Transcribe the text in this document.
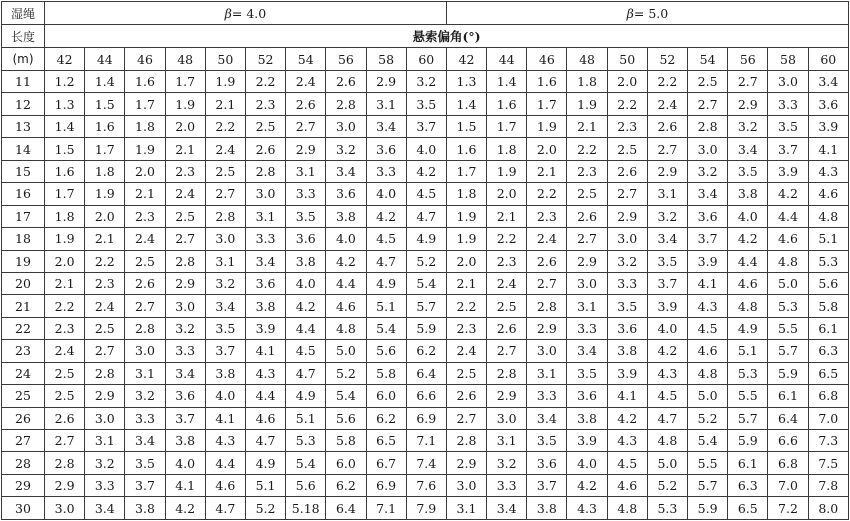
湿绳	β= 4.0										β= 5.0									
长度	悬索偏角(°)																			
(m)	42	44	46	48	50	52	54	56	58	60	42	44	46	48	50	52	54	56	58	60
11	1.2	1.4	1.6	1.7	1.9	2.2	2.4	2.6	2.9	3.2	1.3	1.4	1.6	1.8	2.0	2.2	2.5	2.7	3.0	3.4
12	1.3	1.5	1.7	1.9	2.1	2.3	2.6	2.8	3.1	3.5	1.4	1.6	1.7	1.9	2.2	2.4	2.7	2.9	3.3	3.6
13	1.4	1.6	1.8	2.0	2.2	2.5	2.7	3.0	3.4	3.7	1.5	1.7	1.9	2.1	2.3	2.6	2.8	3.2	3.5	3.9
14	1.5	1.7	1.9	2.1	2.4	2.6	2.9	3.2	3.6	4.0	1.6	1.8	2.0	2.2	2.5	2.7	3.0	3.4	3.7	4.1
15	1.6	1.8	2.0	2.3	2.5	2.8	3.1	3.4	3.3	4.2	1.7	1.9	2.1	2.3	2.6	2.9	3.2	3.5	3.9	4.3
16	1.7	1.9	2.1	2.4	2.7	3.0	3.3	3.6	4.0	4.5	1.8	2.0	2.2	2.5	2.7	3.1	3.4	3.8	4.2	4.6
17	1.8	2.0	2.3	2.5	2.8	3.1	3.5	3.8	4.2	4.7	1.9	2.1	2.3	2.6	2.9	3.2	3.6	4.0	4.4	4.8
18	1.9	2.1	2.4	2.7	3.0	3.3	3.6	4.0	4.5	4.9	1.9	2.2	2.4	2.7	3.0	3.4	3.7	4.2	4.6	5.1
19	2.0	2.2	2.5	2.8	3.1	3.4	3.8	4.2	4.7	5.2	2.0	2.3	2.6	2.9	3.2	3.5	3.9	4.4	4.8	5.3
20	2.1	2.3	2.6	2.9	3.2	3.6	4.0	4.4	4.9	5.4	2.1	2.4	2.7	3.0	3.3	3.7	4.1	4.6	5.0	5.6
21	2.2	2.4	2.7	3.0	3.4	3.8	4.2	4.6	5.1	5.7	2.2	2.5	2.8	3.1	3.5	3.9	4.3	4.8	5.3	5.8
22	2.3	2.5	2.8	3.2	3.5	3.9	4.4	4.8	5.4	5.9	2.3	2.6	2.9	3.3	3.6	4.0	4.5	4.9	5.5	6.1
23	2.4	2.7	3.0	3.3	3.7	4.1	4.5	5.0	5.6	6.2	2.4	2.7	3.0	3.4	3.8	4.2	4.6	5.1	5.7	6.3
24	2.5	2.8	3.1	3.4	3.8	4.3	4.7	5.2	5.8	6.4	2.5	2.8	3.1	3.5	3.9	4.3	4.8	5.3	5.9	6.5
25	2.5	2.9	3.2	3.6	4.0	4.4	4.9	5.4	6.0	6.6	2.6	2.9	3.3	3.6	4.1	4.5	5.0	5.5	6.1	6.8
26	2.6	3.0	3.3	3.7	4.1	4.6	5.1	5.6	6.2	6.9	2.7	3.0	3.4	3.8	4.2	4.7	5.2	5.7	6.4	7.0
27	2.7	3.1	3.4	3.8	4.3	4.7	5.3	5.8	6.5	7.1	2.8	3.1	3.5	3.9	4.3	4.8	5.4	5.9	6.6	7.3
28	2.8	3.2	3.5	4.0	4.4	4.9	5.4	6.0	6.7	7.4	2.9	3.2	3.6	4.0	4.5	5.0	5.5	6.1	6.8	7.5
29	2.9	3.3	3.7	4.1	4.6	5.1	5.6	6.2	6.9	7.6	3.0	3.3	3.7	4.2	4.6	5.2	5.7	6.3	7.0	7.8
30	3.0	3.4	3.8	4.2	4.7	5.2	5.18	6.4	7.1	7.9	3.1	3.4	3.8	4.3	4.8	5.3	5.9	6.5	7.2	8.0
